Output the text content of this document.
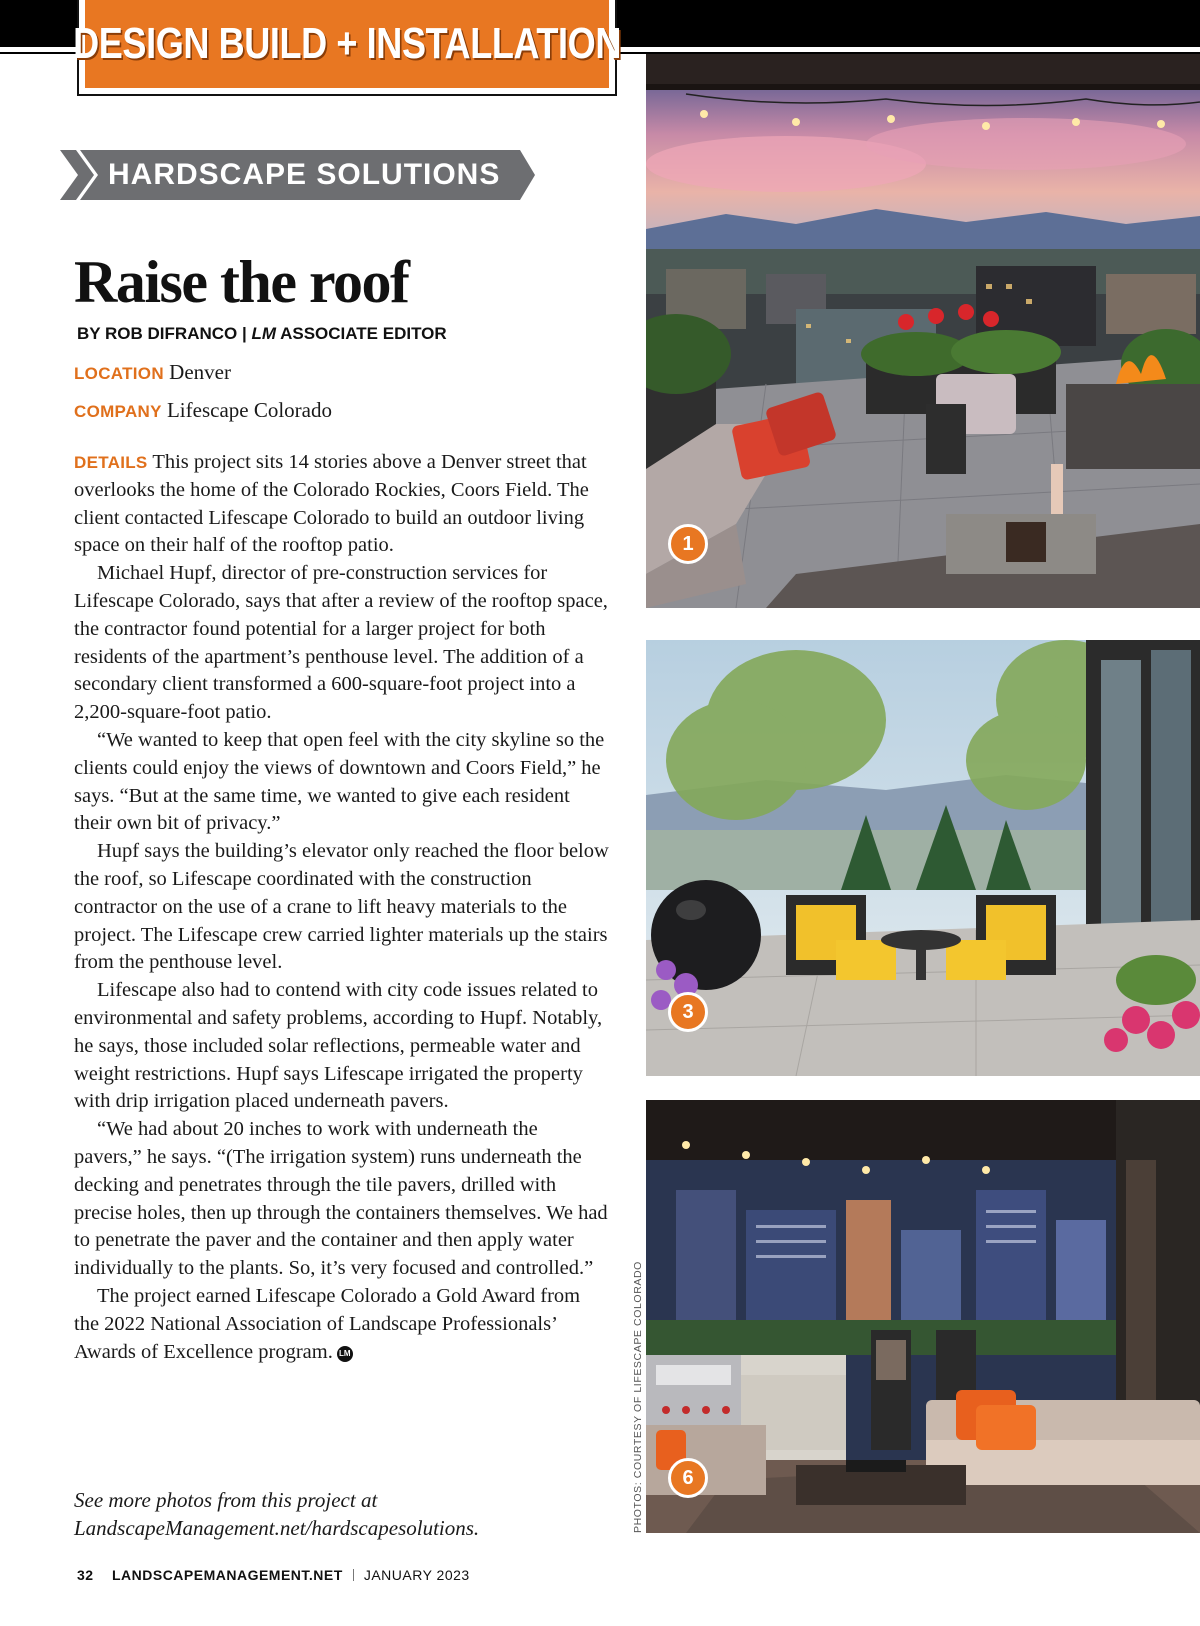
DESIGN BUILD + INSTALLATION
HARDSCAPE SOLUTIONS
Raise the roof
BY ROB DIFRANCO | LM ASSOCIATE EDITOR
LOCATION Denver
COMPANY Lifescape Colorado

DETAILS This project sits 14 stories above a Denver street that overlooks the home of the Colorado Rockies, Coors Field. The client contacted Lifescape Colorado to build an outdoor living space on their half of the rooftop patio.

Michael Hupf, director of pre-construction services for Lifescape Colorado, says that after a review of the rooftop space, the contractor found potential for a larger project for both residents of the apartment’s penthouse level. The addition of a secondary client transformed a 600-square-foot project into a 2,200-square-foot patio.

“We wanted to keep that open feel with the city skyline so the clients could enjoy the views of downtown and Coors Field,” he says. “But at the same time, we wanted to give each resident their own bit of privacy.”

Hupf says the building’s elevator only reached the floor below the roof, so Lifescape coordinated with the construction contractor on the use of a crane to lift heavy materials to the project. The Lifescape crew carried lighter materials up the stairs from the penthouse level.

Lifescape also had to contend with city code issues related to environmental and safety problems, according to Hupf. Notably, he says, those included solar reflections, permeable water and weight restrictions. Hupf says Lifescape irrigated the property with drip irrigation placed underneath pavers.

“We had about 20 inches to work with underneath the pavers,” he says. “(The irrigation system) runs underneath the decking and penetrates through the tile pavers, drilled with precise holes, then up through the containers themselves. We had to penetrate the paver and the container and then apply water individually to the plants. So, it’s very focused and controlled.”

The project earned Lifescape Colorado a Gold Award from the 2022 National Association of Landscape Professionals’ Awards of Excellence program. LM

See more photos from this project at LandscapeManagement.net/hardscapesolutions.	PHOTOS: COURTESY OF LIFESCAPE COLORADO
1
3
6
32 LANDSCAPEMANAGEMENT.NET JANUARY 2023
